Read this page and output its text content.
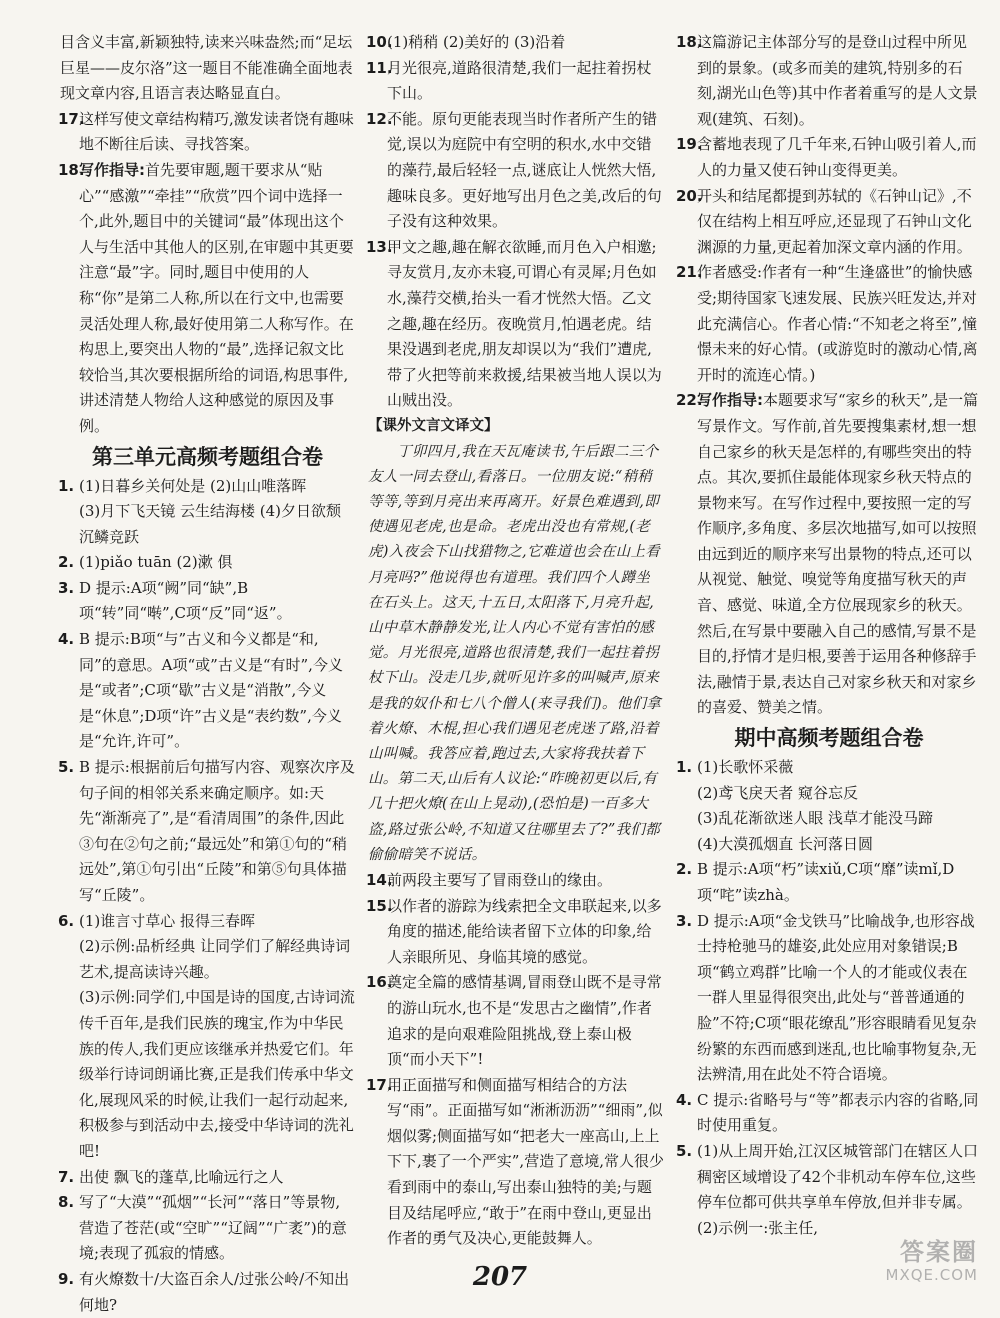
目含义丰富,新颖独特,读来兴味盎然;而“足坛巨星——皮尔洛”这一题目不能准确全面地表现文章内容,且语言表达略显直白。

17.

这样写使文章结构精巧,激发读者饶有趣味地不断往后读、寻找答案。

18.

写作指导:首先要审题,题干要求从“贴心”“感激”“牵挂”“欣赏”四个词中选择一个,此外,题目中的关键词“最”体现出这个人与生活中其他人的区别,在审题中其更要注意“最”字。同时,题目中使用的人称“你”是第二人称,所以在行文中,也需要灵活处理人称,最好使用第二人称写作。在构思上,要突出人物的“最”,选择记叙文比较恰当,其次要根据所给的词语,构思事件,讲述清楚人物给人这种感觉的原因及事例。

第三单元高频考题组合卷
1. (1)日暮乡关何处是 (2)山山唯落晖

(3)月下飞天镜 云生结海楼 (4)夕日欲颓 沉鳞竞跃

2. (1)piǎo tuān (2)漱 俱

3. D 提示:A项“阙”同“缺”,B项“转”同“啭”,C项“反”同“返”。

4. B 提示:B项“与”古义和今义都是“和,同”的意思。A项“或”古义是“有时”,今义是“或者”;C项“歇”古义是“消散”,今义是“休息”;D项“许”古义是“表约数”,今义是“允许,许可”。

5. B 提示:根据前后句描写内容、观察次序及句子间的相邻关系来确定顺序。如:天先“渐渐亮了”,是“看清周围”的条件,因此③句在②句之前;“最远处”和第①句的“稍远处”,第①句引出“丘陵”和第⑤句具体描写“丘陵”。

6. (1)谁言寸草心 报得三春晖

(2)示例:品析经典 让同学们了解经典诗词艺术,提高读诗兴趣。

(3)示例:同学们,中国是诗的国度,古诗词流传千百年,是我们民族的瑰宝,作为中华民族的传人,我们更应该继承并热爱它们。年级举行诗词朗诵比赛,正是我们传承中华文化,展现风采的时候,让我们一起行动起来,积极参与到活动中去,接受中华诗词的洗礼吧!

7. 出使 飘飞的蓬草,比喻远行之人

8. 写了“大漠”“孤烟”“长河”“落日”等景物,营造了苍茫(或“空旷”“辽阔”“广袤”)的意境;表现了孤寂的情感。

9. 有火燎数十/大盗百余人/过张公岭/不知出何地?

10.

(1)稍稍 (2)美好的 (3)沿着

11.

月光很亮,道路很清楚,我们一起拄着拐杖下山。

12.

不能。原句更能表现当时作者所产生的错觉,误以为庭院中有空明的积水,水中交错的藻荇,最后轻轻一点,谜底让人恍然大悟,趣味良多。更好地写出月色之美,改后的句子没有这种效果。

13.

甲文之趣,趣在解衣欲睡,而月色入户相邀;寻友赏月,友亦未寝,可谓心有灵犀;月色如水,藻荇交横,抬头一看才恍然大悟。乙文之趣,趣在经历。夜晚赏月,怕遇老虎。结果没遇到老虎,朋友却误以为“我们”遭虎,带了火把等前来救援,结果被当地人误以为山贼出没。

【课外文言文译文】

丁卯四月,我在天瓦庵读书,午后跟二三个友人一同去登山,看落日。一位朋友说:“稍稍等等,等到月亮出来再离开。好景色难遇到,即使遇见老虎,也是命。老虎出没也有常规,(老虎)入夜会下山找猎物之,它难道也会在山上看月亮吗?”他说得也有道理。我们四个人蹲坐在石头上。这天,十五日,太阳落下,月亮升起,山中草木静静发光,让人内心不觉有害怕的感觉。月光很亮,道路也很清楚,我们一起拄着拐杖下山。没走几步,就听见许多的叫喊声,原来是我的奴仆和七八个僧人(来寻我们)。他们拿着火燎、木棍,担心我们遇见老虎迷了路,沿着山叫喊。我答应着,跑过去,大家将我扶着下山。第二天,山后有人议论:“昨晚初更以后,有几十把火燎(在山上晃动),(恐怕是)一百多大盗,路过张公岭,不知道又往哪里去了?”我们都偷偷暗笑不说话。

14.

前两段主要写了冒雨登山的缘由。

15.

以作者的游踪为线索把全文串联起来,以多角度的描述,能给读者留下立体的印象,给人亲眼所见、身临其境的感觉。

16.

奠定全篇的感情基调,冒雨登山既不是寻常的游山玩水,也不是“发思古之幽情”,作者追求的是向艰难险阻挑战,登上泰山极顶“而小天下”!

17.

用正面描写和侧面描写相结合的方法写“雨”。正面描写如“淅淅沥沥”“细雨”,似烟似雾;侧面描写如“把老大一座高山,上上下下,裹了一个严实”,营造了意境,常人很少看到雨中的泰山,写出泰山独特的美;与题目及结尾呼应,“敢于”在雨中登山,更显出作者的勇气及决心,更能鼓舞人。

18.

这篇游记主体部分写的是登山过程中所见到的景象。(或多而美的建筑,特别多的石刻,湖光山色等)其中作者着重写的是人文景观(建筑、石刻)。

19.

含蓄地表现了几千年来,石钟山吸引着人,而人的力量又使石钟山变得更美。

20.

开头和结尾都提到苏轼的《石钟山记》,不仅在结构上相互呼应,还显现了石钟山文化渊源的力量,更起着加深文章内涵的作用。

21.

作者感受:作者有一种“生逢盛世”的愉快感受;期待国家飞速发展、民族兴旺发达,并对此充满信心。作者心情:“不知老之将至”,憧憬未来的好心情。(或游览时的激动心情,离开时的流连心情。)

22.

写作指导:本题要求写“家乡的秋天”,是一篇写景作文。写作前,首先要搜集素材,想一想自己家乡的秋天是怎样的,有哪些突出的特点。其次,要抓住最能体现家乡秋天特点的景物来写。在写作过程中,要按照一定的写作顺序,多角度、多层次地描写,如可以按照由远到近的顺序来写出景物的特点,还可以从视觉、触觉、嗅觉等角度描写秋天的声音、感觉、味道,全方位展现家乡的秋天。然后,在写景中要融入自己的感情,写景不是目的,抒情才是归根,要善于运用各种修辞手法,融情于景,表达自己对家乡秋天和对家乡的喜爱、赞美之情。

期中高频考题组合卷
1. (1)长歌怀采薇

(2)鸢飞戾天者 窥谷忘反

(3)乱花渐欲迷人眼 浅草才能没马蹄

(4)大漠孤烟直 长河落日圆

2. B 提示:A项“朽”读xiǔ,C项“靡”读mǐ,D项“咤”读zhà。

3. D 提示:A项“金戈铁马”比喻战争,也形容战士持枪驰马的雄姿,此处应用对象错误;B项“鹤立鸡群”比喻一个人的才能或仪表在一群人里显得很突出,此处与“普普通通的脸”不符;C项“眼花缭乱”形容眼睛看见复杂纷繁的东西而感到迷乱,也比喻事物复杂,无法辨清,用在此处不符合语境。

4. C 提示:省略号与“等”都表示内容的省略,同时使用重复。

5. (1)从上周开始,江汉区城管部门在辖区人口稠密区域增设了42个非机动车停车位,这些停车位都可供共享单车停放,但并非专属。

(2)示例一:张主任,

207
答案圈
MXQE.COM
